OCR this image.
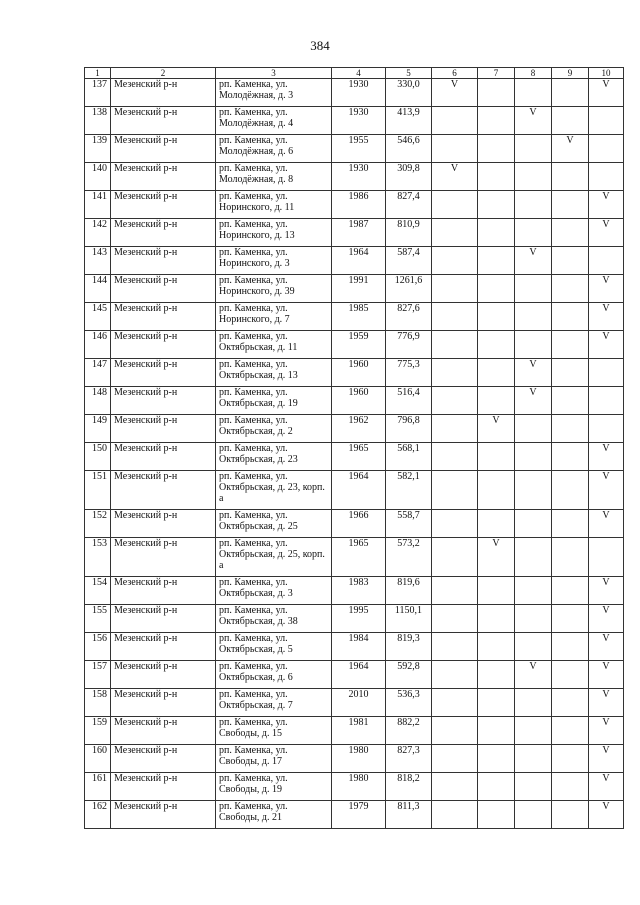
384
1	2	3	4	5	6	7	8	9	10
137	Мезенский р-н	рп. Каменка, ул. Молодёжная, д. 3	1930	330,0	V				V
138	Мезенский р-н	рп. Каменка, ул. Молодёжная, д. 4	1930	413,9			V		
139	Мезенский р-н	рп. Каменка, ул. Молодёжная, д. 6	1955	546,6				V	
140	Мезенский р-н	рп. Каменка, ул. Молодёжная, д. 8	1930	309,8	V				
141	Мезенский р-н	рп. Каменка, ул. Норинского, д. 11	1986	827,4					V
142	Мезенский р-н	рп. Каменка, ул. Норинского, д. 13	1987	810,9					V
143	Мезенский р-н	рп. Каменка, ул. Норинского, д. 3	1964	587,4			V		
144	Мезенский р-н	рп. Каменка, ул. Норинского, д. 39	1991	1261,6					V
145	Мезенский р-н	рп. Каменка, ул. Норинского, д. 7	1985	827,6					V
146	Мезенский р-н	рп. Каменка, ул. Октябрьская, д. 11	1959	776,9					V
147	Мезенский р-н	рп. Каменка, ул. Октябрьская, д. 13	1960	775,3			V		
148	Мезенский р-н	рп. Каменка, ул. Октябрьская, д. 19	1960	516,4			V		
149	Мезенский р-н	рп. Каменка, ул. Октябрьская, д. 2	1962	796,8		V			
150	Мезенский р-н	рп. Каменка, ул. Октябрьская, д. 23	1965	568,1					V
151	Мезенский р-н	рп. Каменка, ул. Октябрьская, д. 23, корп. а	1964	582,1					V
152	Мезенский р-н	рп. Каменка, ул. Октябрьская, д. 25	1966	558,7					V
153	Мезенский р-н	рп. Каменка, ул. Октябрьская, д. 25, корп. а	1965	573,2		V			
154	Мезенский р-н	рп. Каменка, ул. Октябрьская, д. 3	1983	819,6					V
155	Мезенский р-н	рп. Каменка, ул. Октябрьская, д. 38	1995	1150,1					V
156	Мезенский р-н	рп. Каменка, ул. Октябрьская, д. 5	1984	819,3					V
157	Мезенский р-н	рп. Каменка, ул. Октябрьская, д. 6	1964	592,8			V		V
158	Мезенский р-н	рп. Каменка, ул. Октябрьская, д. 7	2010	536,3					V
159	Мезенский р-н	рп. Каменка, ул. Свободы, д. 15	1981	882,2					V
160	Мезенский р-н	рп. Каменка, ул. Свободы, д. 17	1980	827,3					V
161	Мезенский р-н	рп. Каменка, ул. Свободы, д. 19	1980	818,2					V
162	Мезенский р-н	рп. Каменка, ул. Свободы, д. 21	1979	811,3					V
